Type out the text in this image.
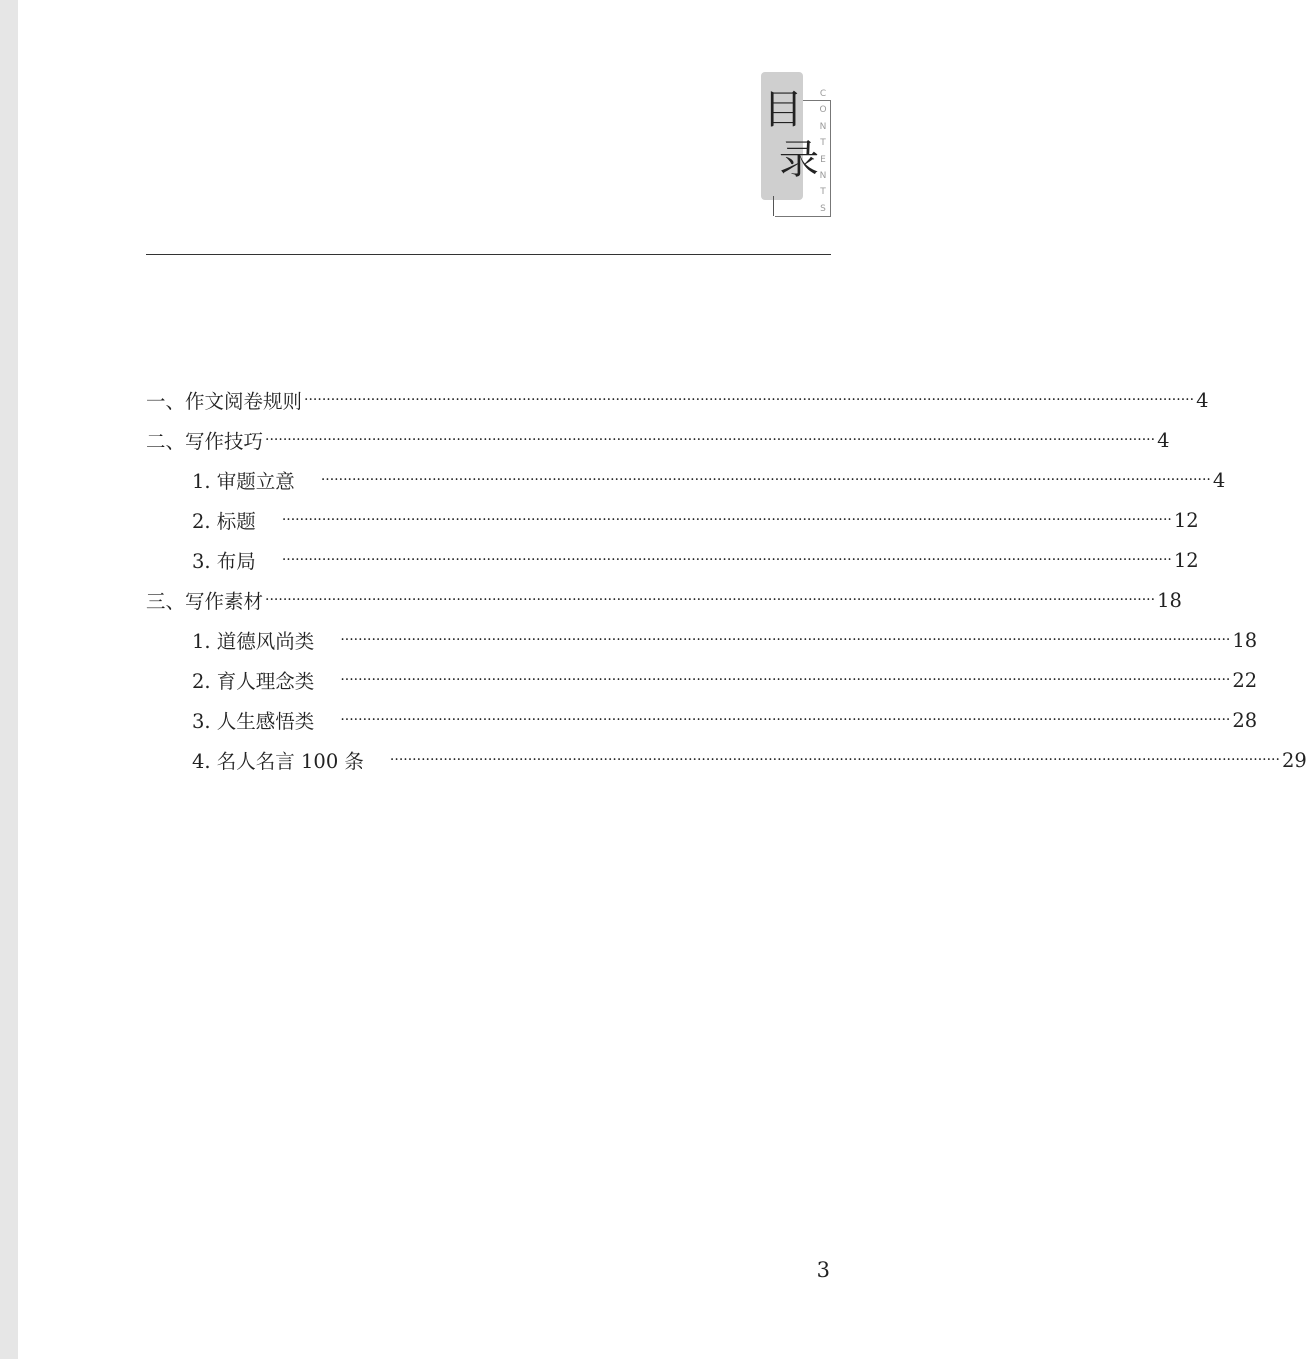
目
录
C
O
N
T
E
N
T
S
一、作文阅卷规则 ········································································································································································································ 4
二、写作技巧 ········································································································································································································ 4
1. 审题立意 ········································································································································································································ 4
2. 标题 ········································································································································································································ 12
3. 布局 ········································································································································································································ 12
三、写作素材 ········································································································································································································ 18
1. 道德风尚类 ········································································································································································································ 18
2. 育人理念类 ········································································································································································································ 22
3. 人生感悟类 ········································································································································································································ 28
4. 名人名言 100 条 ········································································································································································································ 29
3
